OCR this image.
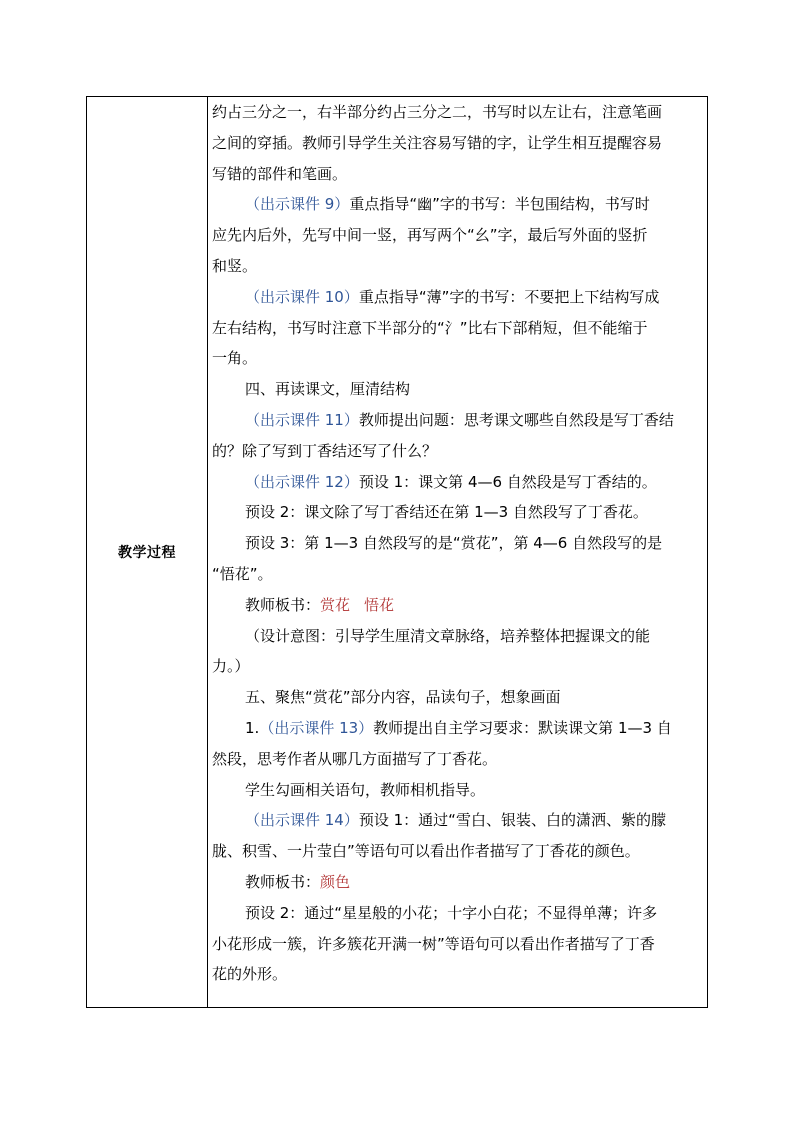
教学过程
约占三分之一，右半部分约占三分之二，书写时以左让右，注意笔画
之间的穿插。教师引导学生关注容易写错的字，让学生相互提醒容易
写错的部件和笔画。
（出示课件 9）重点指导“幽”字的书写：半包围结构，书写时
应先内后外，先写中间一竖，再写两个“幺”字，最后写外面的竖折
和竖。
（出示课件 10）重点指导“薄”字的书写：不要把上下结构写成
左右结构，书写时注意下半部分的“氵”比右下部稍短，但不能缩于
一角。
四、再读课文，厘清结构
（出示课件 11）教师提出问题：思考课文哪些自然段是写丁香结
的？除了写到丁香结还写了什么？
（出示课件 12）预设 1：课文第 4—6 自然段是写丁香结的。
预设 2：课文除了写丁香结还在第 1—3 自然段写了丁香花。
预设 3：第 1—3 自然段写的是“赏花”，第 4—6 自然段写的是
“悟花”。
教师板书：赏花 悟花
（设计意图：引导学生厘清文章脉络，培养整体把握课文的能
力。）
五、聚焦“赏花”部分内容，品读句子，想象画面
1.（出示课件 13）教师提出自主学习要求：默读课文第 1—3 自
然段，思考作者从哪几方面描写了丁香花。
学生勾画相关语句，教师相机指导。
（出示课件 14）预设 1：通过“雪白、银装、白的潇洒、紫的朦
胧、积雪、一片莹白”等语句可以看出作者描写了丁香花的颜色。
教师板书：颜色
预设 2：通过“星星般的小花；十字小白花；不显得单薄；许多
小花形成一簇，许多簇花开满一树”等语句可以看出作者描写了丁香
花的外形。
